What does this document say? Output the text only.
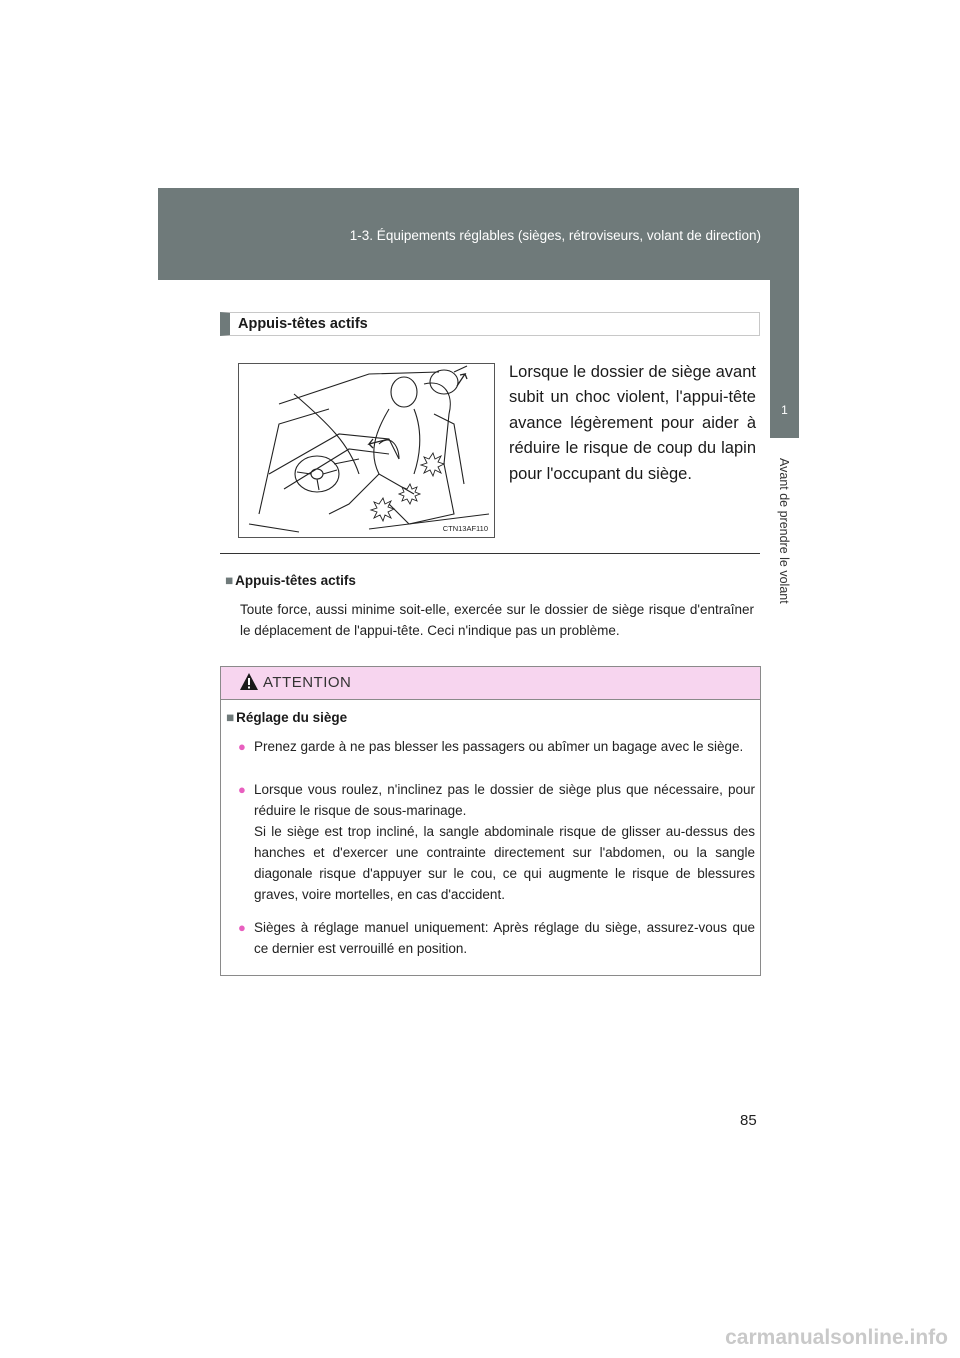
1-3. Équipements réglables (sièges, rétroviseurs, volant de direction)
1
Avant de prendre le volant
Appuis-têtes actifs
CTN13AF110
Lorsque le dossier de siège avant subit un choc violent, l'appui-tête avance légèrement pour aider à réduire le risque de coup du lapin pour l'occupant du siège.
■ Appuis-têtes actifs
Toute force, aussi minime soit-elle, exercée sur le dossier de siège risque d'entraîner le déplacement de l'appui-tête. Ceci n'indique pas un problème.
ATTENTION
■ Réglage du siège
● Prenez garde à ne pas blesser les passagers ou abîmer un bagage avec le siège.
● Lorsque vous roulez, n'inclinez pas le dossier de siège plus que nécessaire, pour réduire le risque de sous-marinage.
Si le siège est trop incliné, la sangle abdominale risque de glisser au-dessus des hanches et d'exercer une contrainte directement sur l'abdomen, ou la sangle diagonale risque d'appuyer sur le cou, ce qui augmente le risque de blessures graves, voire mortelles, en cas d'accident.
● Sièges à réglage manuel uniquement: Après réglage du siège, assurez-vous que ce dernier est verrouillé en position.
85
carmanualsonline.info
